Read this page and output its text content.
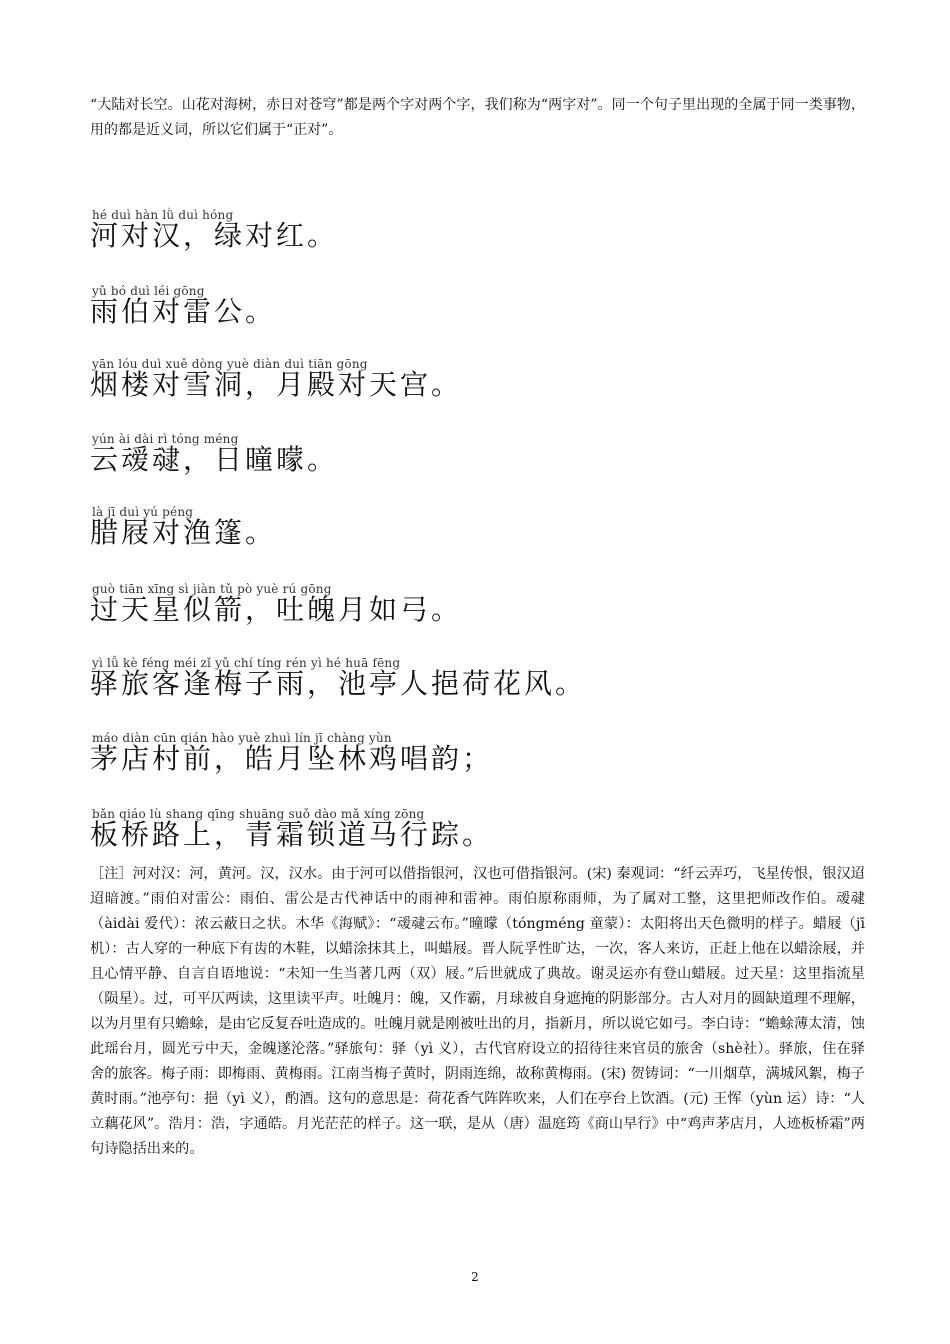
“大陆对长空。山花对海树，赤日对苍穹”都是两个字对两个字，我们称为“两字对”。同一个句子里出现的全属于同一类事物，用的都是近义词，所以它们属于“正对”。

hé duì hàn lǜ duì hóng
河对汉，绿对红。
yǔ bó duì léi gōng
雨伯对雷公。
yān lóu duì xuě dòng yuè diàn duì tiān gōng
烟楼对雪洞，月殿对天宫。
yún ài dài rì tóng méng
云叆叇，日曈曚。
là jī duì yú péng
腊屐对渔篷。
guò tiān xīng sì jiàn tǔ pò yuè rú gōng
过天星似箭，吐魄月如弓。
yì lǚ kè féng méi zǐ yǔ chí tíng rén yì hé huā fēng
驿旅客逢梅子雨，池亭人挹荷花风。
máo diàn cūn qián hào yuè zhuì lín jī chàng yùn
茅店村前，皓月坠林鸡唱韵；
bǎn qiáo lù shang qīng shuāng suǒ dào mǎ xíng zōng
板桥路上，青霜锁道马行踪。

［注］河对汉：河，黄河。汉，汉水。由于河可以借指银河，汉也可借指银河。(宋) 秦观词：“纤云弄巧，飞星传恨，银汉迢迢暗渡。”雨伯对雷公：雨伯、雷公是古代神话中的雨神和雷神。雨伯原称雨师，为了属对工整，这里把师改作伯。叆叇（àidài 爱代）：浓云蔽日之状。木华《海赋》：“叆叇云布。”曈曚（tóngméng 童蒙）：太阳将出天色微明的样子。蜡屐（jī 机）：古人穿的一种底下有齿的木鞋，以蜡涂抹其上，叫蜡屐。晋人阮孚性旷达，一次，客人来访，正赶上他在以蜡涂屐，并且心情平静、自言自语地说：“未知一生当著几两（双）屐。”后世就成了典故。谢灵运亦有登山蜡屐。过天星：这里指流星（陨星）。过，可平仄两读，这里读平声。吐魄月：魄，又作霸，月球被自身遮掩的阴影部分。古人对月的圆缺道理不理解，以为月里有只蟾蜍，是由它反复吞吐造成的。吐魄月就是刚被吐出的月，指新月，所以说它如弓。李白诗：“蟾蜍薄太清，蚀此瑶台月，圆光亏中天，金魄遂沦落。”驿旅句：驿（yì 义），古代官府设立的招待往来官员的旅舍（shè社）。驿旅，住在驿舍的旅客。梅子雨：即梅雨、黄梅雨。江南当梅子黄时，阴雨连绵，故称黄梅雨。(宋) 贺铸词：“一川烟草，满城风絮，梅子黄时雨。”池亭句：挹（yì 义），酌酒。这句的意思是：荷花香气阵阵吹来，人们在亭台上饮酒。(元) 王恽（yùn 运）诗：“人立藕花风”。浩月：浩，字通皓。月光茫茫的样子。这一联，是从（唐）温庭筠《商山早行》中“鸡声茅店月，人迹板桥霜”两句诗隐括出来的。

2
